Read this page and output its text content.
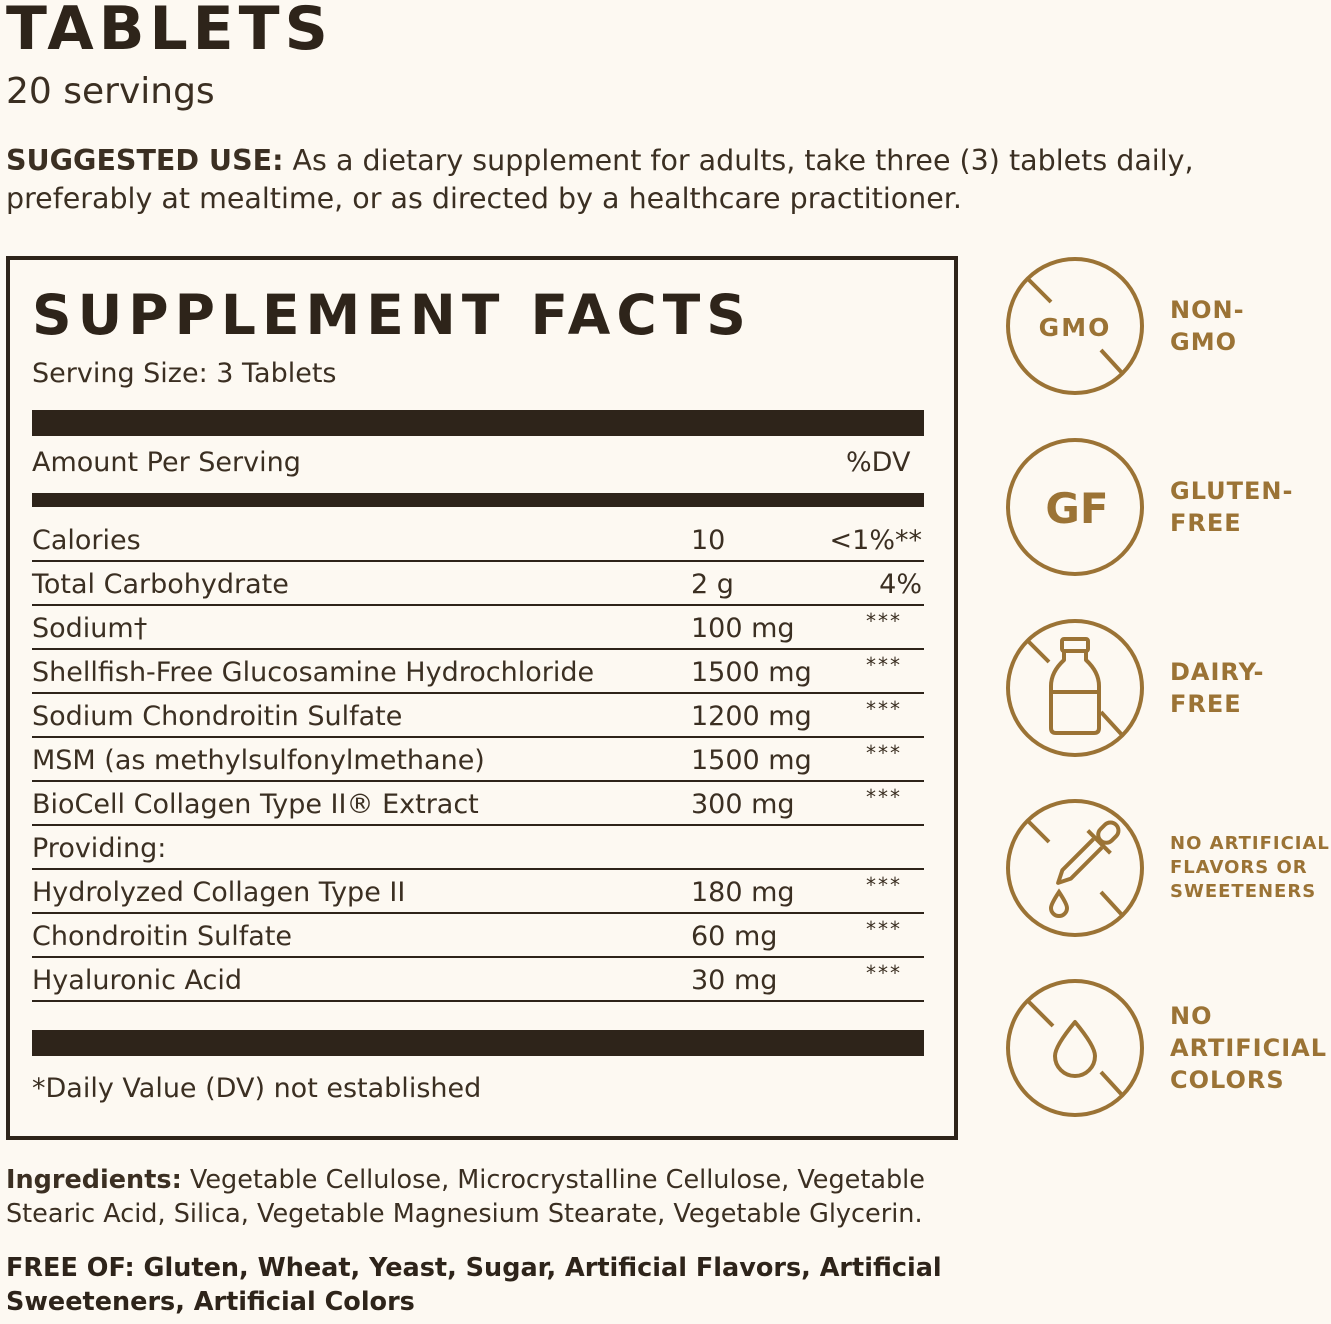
TABLETS
20 servings
SUGGESTED USE: As a dietary supplement for adults, take three (3) tablets daily, preferably at mealtime, or as directed by a healthcare practitioner.
SUPPLEMENT FACTS
Serving Size: 3 Tablets
Amount Per Serving	%DV
Calories	10	<1%**
Total Carbohydrate	2 g	4%
Sodium†	100 mg	***
Shellfish-Free Glucosamine Hydrochloride	1500 mg	***
Sodium Chondroitin Sulfate	1200 mg	***
MSM (as methylsulfonylmethane)	1500 mg	***
BioCell Collagen Type II® Extract	300 mg	***
Providing:
Hydrolyzed Collagen Type II	180 mg	***
Chondroitin Sulfate	60 mg	***
Hyaluronic Acid	30 mg	***
*Daily Value (DV) not established
GMO
NON-
GMO
GF	GLUTEN-
FREE
DAIRY-
FREE
NO ARTIFICIAL
FLAVORS OR
SWEETENERS
NO
ARTIFICIAL
COLORS
Ingredients: Vegetable Cellulose, Microcrystalline Cellulose, Vegetable Stearic Acid, Silica, Vegetable Magnesium Stearate, Vegetable Glycerin.
FREE OF: Gluten, Wheat, Yeast, Sugar, Artificial Flavors, Artificial Sweeteners, Artificial Colors
